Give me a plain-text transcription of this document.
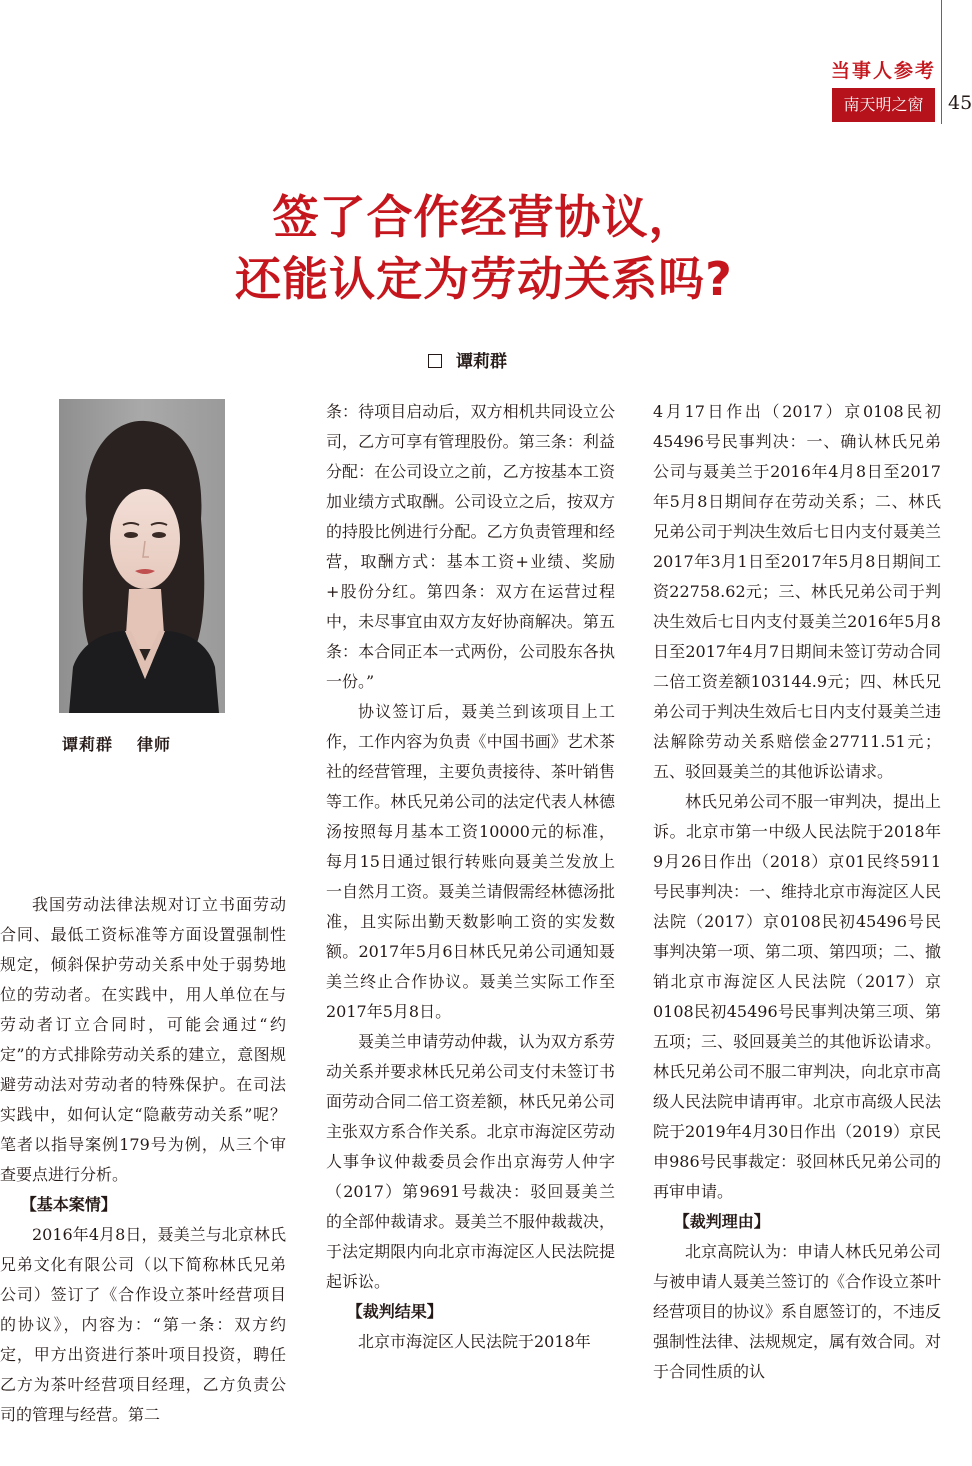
当事人参考
南天明之窗	45
签了合作经营协议，
还能认定为劳动关系吗?
谭莉群
谭莉群 律师

我国劳动法律法规对订立书面劳动合同、最低工资标准等方面设置强制性规定，倾斜保护劳动关系中处于弱势地位的劳动者。在实践中，用人单位在与劳动者订立合同时，可能会通过“约定”的方式排除劳动关系的建立，意图规避劳动法对劳动者的特殊保护。在司法实践中，如何认定“隐蔽劳动关系”呢？笔者以指导案例179号为例，从三个审查要点进行分析。

【基本案情】

2016年4月8日，聂美兰与北京林氏兄弟文化有限公司（以下简称林氏兄弟公司）签订了《合作设立茶叶经营项目的协议》，内容为：“第一条：双方约定，甲方出资进行茶叶项目投资，聘任乙方为茶叶经营项目经理，乙方负责公司的管理与经营。第二

条：待项目启动后，双方相机共同设立公司，乙方可享有管理股份。第三条：利益分配：在公司设立之前，乙方按基本工资加业绩方式取酬。公司设立之后，按双方的持股比例进行分配。乙方负责管理和经营，取酬方式：基本工资+业绩、奖励+股份分红。第四条：双方在运营过程中，未尽事宜由双方友好协商解决。第五条：本合同正本一式两份，公司股东各执一份。”

协议签订后，聂美兰到该项目上工作，工作内容为负责《中国书画》艺术茶社的经营管理，主要负责接待、茶叶销售等工作。林氏兄弟公司的法定代表人林德汤按照每月基本工资10000元的标准，每月15日通过银行转账向聂美兰发放上一自然月工资。聂美兰请假需经林德汤批准，且实际出勤天数影响工资的实发数额。2017年5月6日林氏兄弟公司通知聂美兰终止合作协议。聂美兰实际工作至2017年5月8日。

聂美兰申请劳动仲裁，认为双方系劳动关系并要求林氏兄弟公司支付未签订书面劳动合同二倍工资差额，林氏兄弟公司主张双方系合作关系。北京市海淀区劳动人事争议仲裁委员会作出京海劳人仲字（2017）第9691号裁决：驳回聂美兰的全部仲裁请求。聂美兰不服仲裁裁决，于法定期限内向北京市海淀区人民法院提起诉讼。

【裁判结果】

北京市海淀区人民法院于2018年

4月17日作出（2017）京0108民初45496号民事判决：一、确认林氏兄弟公司与聂美兰于2016年4月8日至2017年5月8日期间存在劳动关系；二、林氏兄弟公司于判决生效后七日内支付聂美兰2017年3月1日至2017年5月8日期间工资22758.62元；三、林氏兄弟公司于判决生效后七日内支付聂美兰2016年5月8日至2017年4月7日期间未签订劳动合同二倍工资差额103144.9元；四、林氏兄弟公司于判决生效后七日内支付聂美兰违法解除劳动关系赔偿金27711.51元；五、驳回聂美兰的其他诉讼请求。

林氏兄弟公司不服一审判决，提出上诉。北京市第一中级人民法院于2018年9月26日作出（2018）京01民终5911号民事判决：一、维持北京市海淀区人民法院（2017）京0108民初45496号民事判决第一项、第二项、第四项；二、撤销北京市海淀区人民法院（2017）京0108民初45496号民事判决第三项、第五项；三、驳回聂美兰的其他诉讼请求。林氏兄弟公司不服二审判决，向北京市高级人民法院申请再审。北京市高级人民法院于2019年4月30日作出（2019）京民申986号民事裁定：驳回林氏兄弟公司的再审申请。

【裁判理由】

北京高院认为：申请人林氏兄弟公司与被申请人聂美兰签订的《合作设立茶叶经营项目的协议》系自愿签订的，不违反强制性法律、法规规定，属有效合同。对于合同性质的认
